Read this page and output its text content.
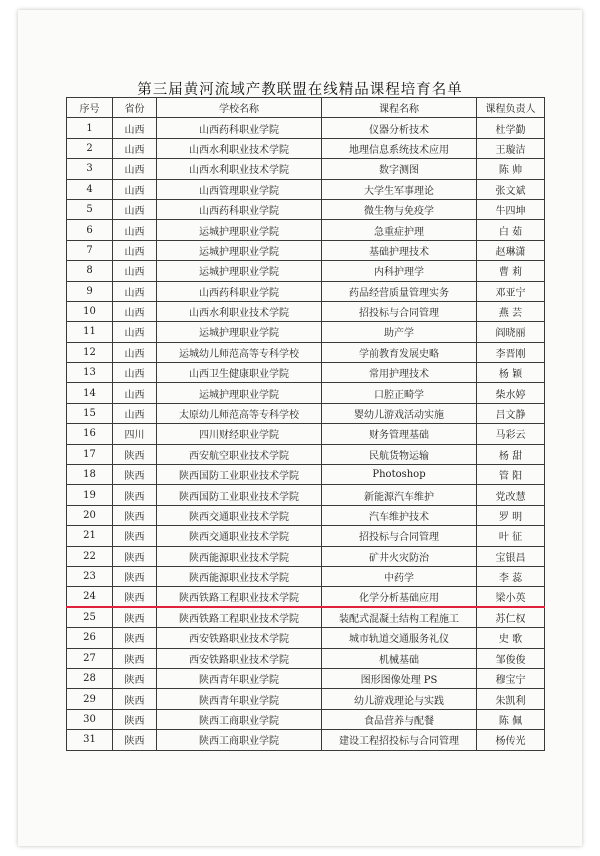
第三届黄河流域产教联盟在线精品课程培育名单
序号	省份	学校名称	课程名称	课程负责人
1	山西	山西药科职业学院	仪器分析技术	杜学勤
2	山西	山西水利职业技术学院	地理信息系统技术应用	王璇洁
3	山西	山西水利职业技术学院	数字测图	陈 帅
4	山西	山西管理职业学院	大学生军事理论	张文斌
5	山西	山西药科职业学院	微生物与免疫学	牛四坤
6	山西	运城护理职业学院	急重症护理	白 茹
7	山西	运城护理职业学院	基础护理技术	赵琳潇
8	山西	运城护理职业学院	内科护理学	曹 莉
9	山西	山西药科职业学院	药品经营质量管理实务	邓亚宁
10	山西	山西水利职业技术学院	招投标与合同管理	燕 芸
11	山西	运城护理职业学院	助产学	阎晓丽
12	山西	运城幼儿师范高等专科学校	学前教育发展史略	李晋刚
13	山西	山西卫生健康职业学院	常用护理技术	杨 颖
14	山西	运城护理职业学院	口腔正畸学	柴水婷
15	山西	太原幼儿师范高等专科学校	婴幼儿游戏活动实施	吕文静
16	四川	四川财经职业学院	财务管理基础	马彩云
17	陕西	西安航空职业技术学院	民航货物运输	杨 甜
18	陕西	陕西国防工业职业技术学院	Photoshop	管 阳
19	陕西	陕西国防工业职业技术学院	新能源汽车维护	党改慧
20	陕西	陕西交通职业技术学院	汽车维护技术	罗 明
21	陕西	陕西交通职业技术学院	招投标与合同管理	叶 征
22	陕西	陕西能源职业技术学院	矿井火灾防治	宝银昌
23	陕西	陕西能源职业技术学院	中药学	李 蕊
24	陕西	陕西铁路工程职业技术学院	化学分析基础应用	梁小英
25	陕西	陕西铁路工程职业技术学院	装配式混凝土结构工程施工	苏仁权
26	陕西	西安铁路职业技术学院	城市轨道交通服务礼仪	史 歌
27	陕西	西安铁路职业技术学院	机械基础	邹俊俊
28	陕西	陕西青年职业学院	图形图像处理 PS	穆宝宁
29	陕西	陕西青年职业学院	幼儿游戏理论与实践	朱凯利
30	陕西	陕西工商职业学院	食品营养与配餐	陈 佩
31	陕西	陕西工商职业学院	建设工程招投标与合同管理	杨传光
